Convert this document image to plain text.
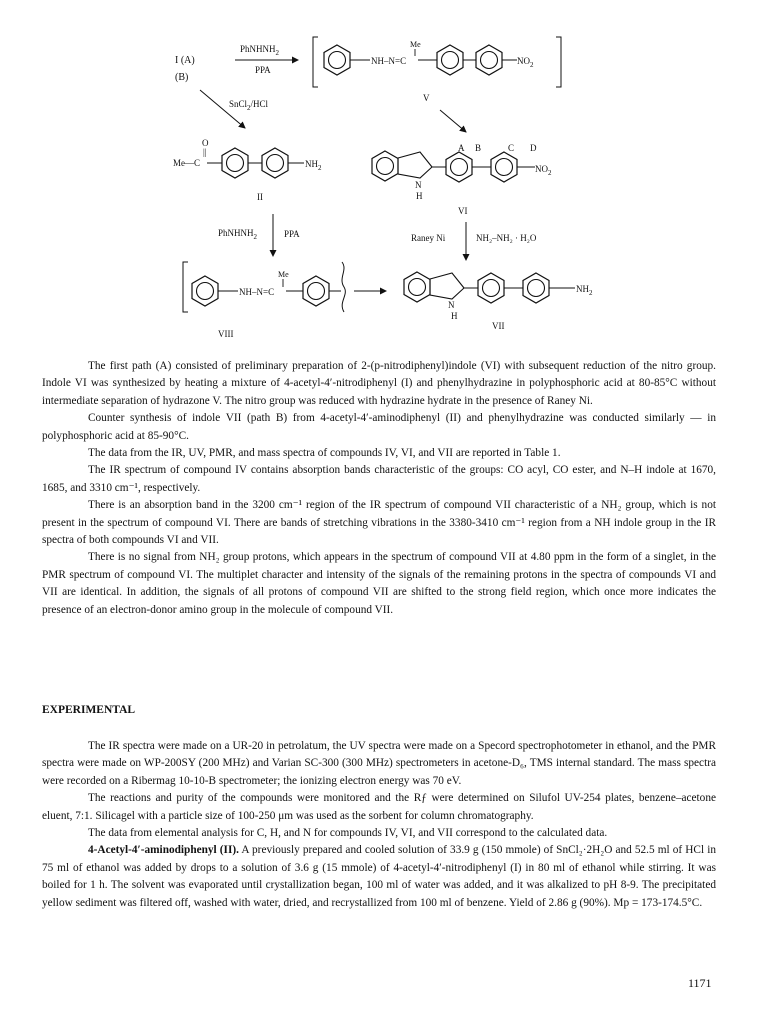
I (A)
(B)
PhNHNH$_2$
PPA
NH–N=C
Me
$NO_2$
V
SnCl$_2$/HCl
O
||
Me—C	$NH_2$
II
N
H
A B	C D
$NO_2$
VI
PhNHNH$_2$	PPA	Raney Ni	NH₂–NH₂ · H₂O
NH–N=C
Me
VIII
N
H
$NH_2$
VII

The first path (A) consisted of preliminary preparation of 2-(p-nitrodiphenyl)indole (VI) with subsequent reduction of the nitro group. Indole VI was synthesized by heating a mixture of 4-acetyl-4′-nitrodiphenyl (I) and phenylhydrazine in polyphosphoric acid at 80-85°C without intermediate separation of hydrazone V. The nitro group was reduced with hydrazine hydrate in the presence of Raney Ni.

Counter synthesis of indole VII (path B) from 4-acetyl-4′-aminodiphenyl (II) and phenylhydrazine was conducted similarly — in polyphosphoric acid at 85-90°C.

The data from the IR, UV, PMR, and mass spectra of compounds IV, VI, and VII are reported in Table 1.

The IR spectrum of compound IV contains absorption bands characteristic of the groups: CO acyl, CO ester, and N–H indole at 1670, 1685, and 3310 cm⁻¹, respectively.

There is an absorption band in the 3200 cm⁻¹ region of the IR spectrum of compound VII characteristic of a NH₂ group, which is not present in the spectrum of compound VI. There are bands of stretching vibrations in the 3380-3410 cm⁻¹ region from a NH indole group in the IR spectra of both compounds VI and VII.

There is no signal from NH₂ group protons, which appears in the spectrum of compound VII at 4.80 ppm in the form of a singlet, in the PMR spectrum of compound VI. The multiplet character and intensity of the signals of the remaining protons in the spectra of compounds VI and VII are identical. In addition, the signals of all protons of compound VII are shifted to the strong field region, which once more indicates the presence of an electron-donor amino group in the molecule of compound VII.

EXPERIMENTAL

The IR spectra were made on a UR-20 in petrolatum, the UV spectra were made on a Specord spectrophotometer in ethanol, and the PMR spectra were made on WP-200SY (200 MHz) and Varian SC-300 (300 MHz) spectrometers in acetone-D₆, TMS internal standard. The mass spectra were recorded on a Ribermag 10-10-B spectrometer; the ionizing electron energy was 70 eV.

The reactions and purity of the compounds were monitored and the Rƒ were determined on Silufol UV-254 plates, benzene–acetone eluent, 7:1. Silicagel with a particle size of 100-250 μm was used as the sorbent for column chromatography.

The data from elemental analysis for C, H, and N for compounds IV, VI, and VII correspond to the calculated data.

4-Acetyl-4′-aminodiphenyl (II). A previously prepared and cooled solution of 33.9 g (150 mmole) of SnCl₂·2H₂O and 52.5 ml of HCl in 75 ml of ethanol was added by drops to a solution of 3.6 g (15 mmole) of 4-acetyl-4′-nitrodiphenyl (I) in 80 ml of ethanol while stirring. It was boiled for 1 h. The solvent was evaporated until crystallization began, 100 ml of water was added, and it was alkalized to pH 8-9. The precipitated yellow sediment was filtered off, washed with water, dried, and recrystallized from 100 ml of benzene. Yield of 2.86 g (90%). Mp = 173-174.5°C.

1171
